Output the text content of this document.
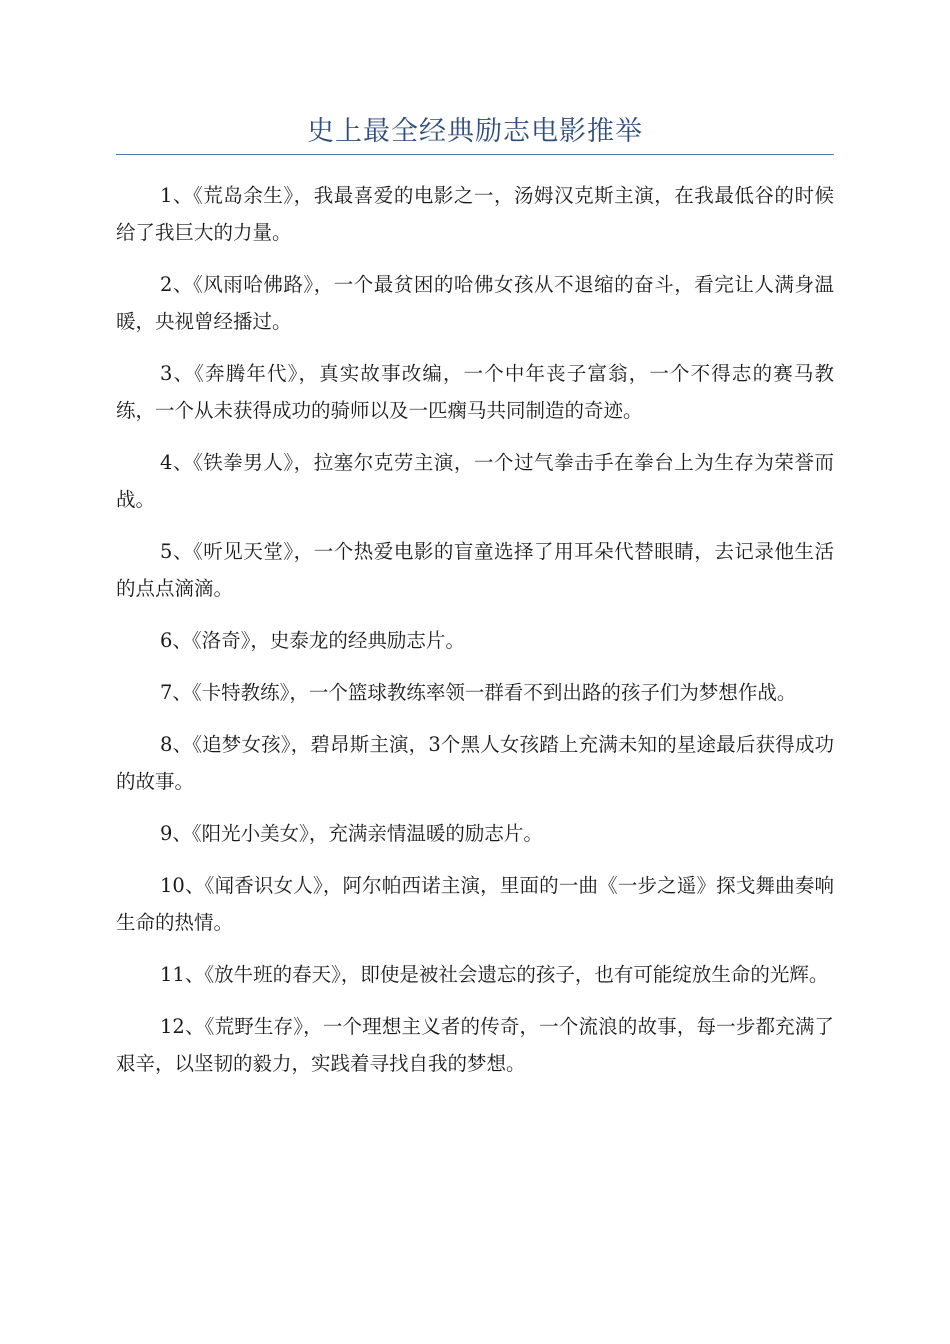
史上最全经典励志电影推举

1、《荒岛余生》，我最喜爱的电影之一，汤姆汉克斯主演，在我最低谷的时候给了我巨大的力量。

2、《风雨哈佛路》，一个最贫困的哈佛女孩从不退缩的奋斗，看完让人满身温暖，央视曾经播过。

3、《奔腾年代》，真实故事改编，一个中年丧子富翁，一个不得志的赛马教练，一个从未获得成功的骑师以及一匹瘸马共同制造的奇迹。

4、《铁拳男人》，拉塞尔克劳主演，一个过气拳击手在拳台上为生存为荣誉而战。

5、《听见天堂》，一个热爱电影的盲童选择了用耳朵代替眼睛，去记录他生活的点点滴滴。

6、《洛奇》，史泰龙的经典励志片。

7、《卡特教练》，一个篮球教练率领一群看不到出路的孩子们为梦想作战。

8、《追梦女孩》，碧昂斯主演，3个黑人女孩踏上充满未知的星途最后获得成功的故事。

9、《阳光小美女》，充满亲情温暖的励志片。

10、《闻香识女人》，阿尔帕西诺主演，里面的一曲《一步之遥》探戈舞曲奏响生命的热情。

11、《放牛班的春天》，即使是被社会遗忘的孩子，也有可能绽放生命的光辉。

12、《荒野生存》，一个理想主义者的传奇，一个流浪的故事，每一步都充满了艰辛，以坚韧的毅力，实践着寻找自我的梦想。
